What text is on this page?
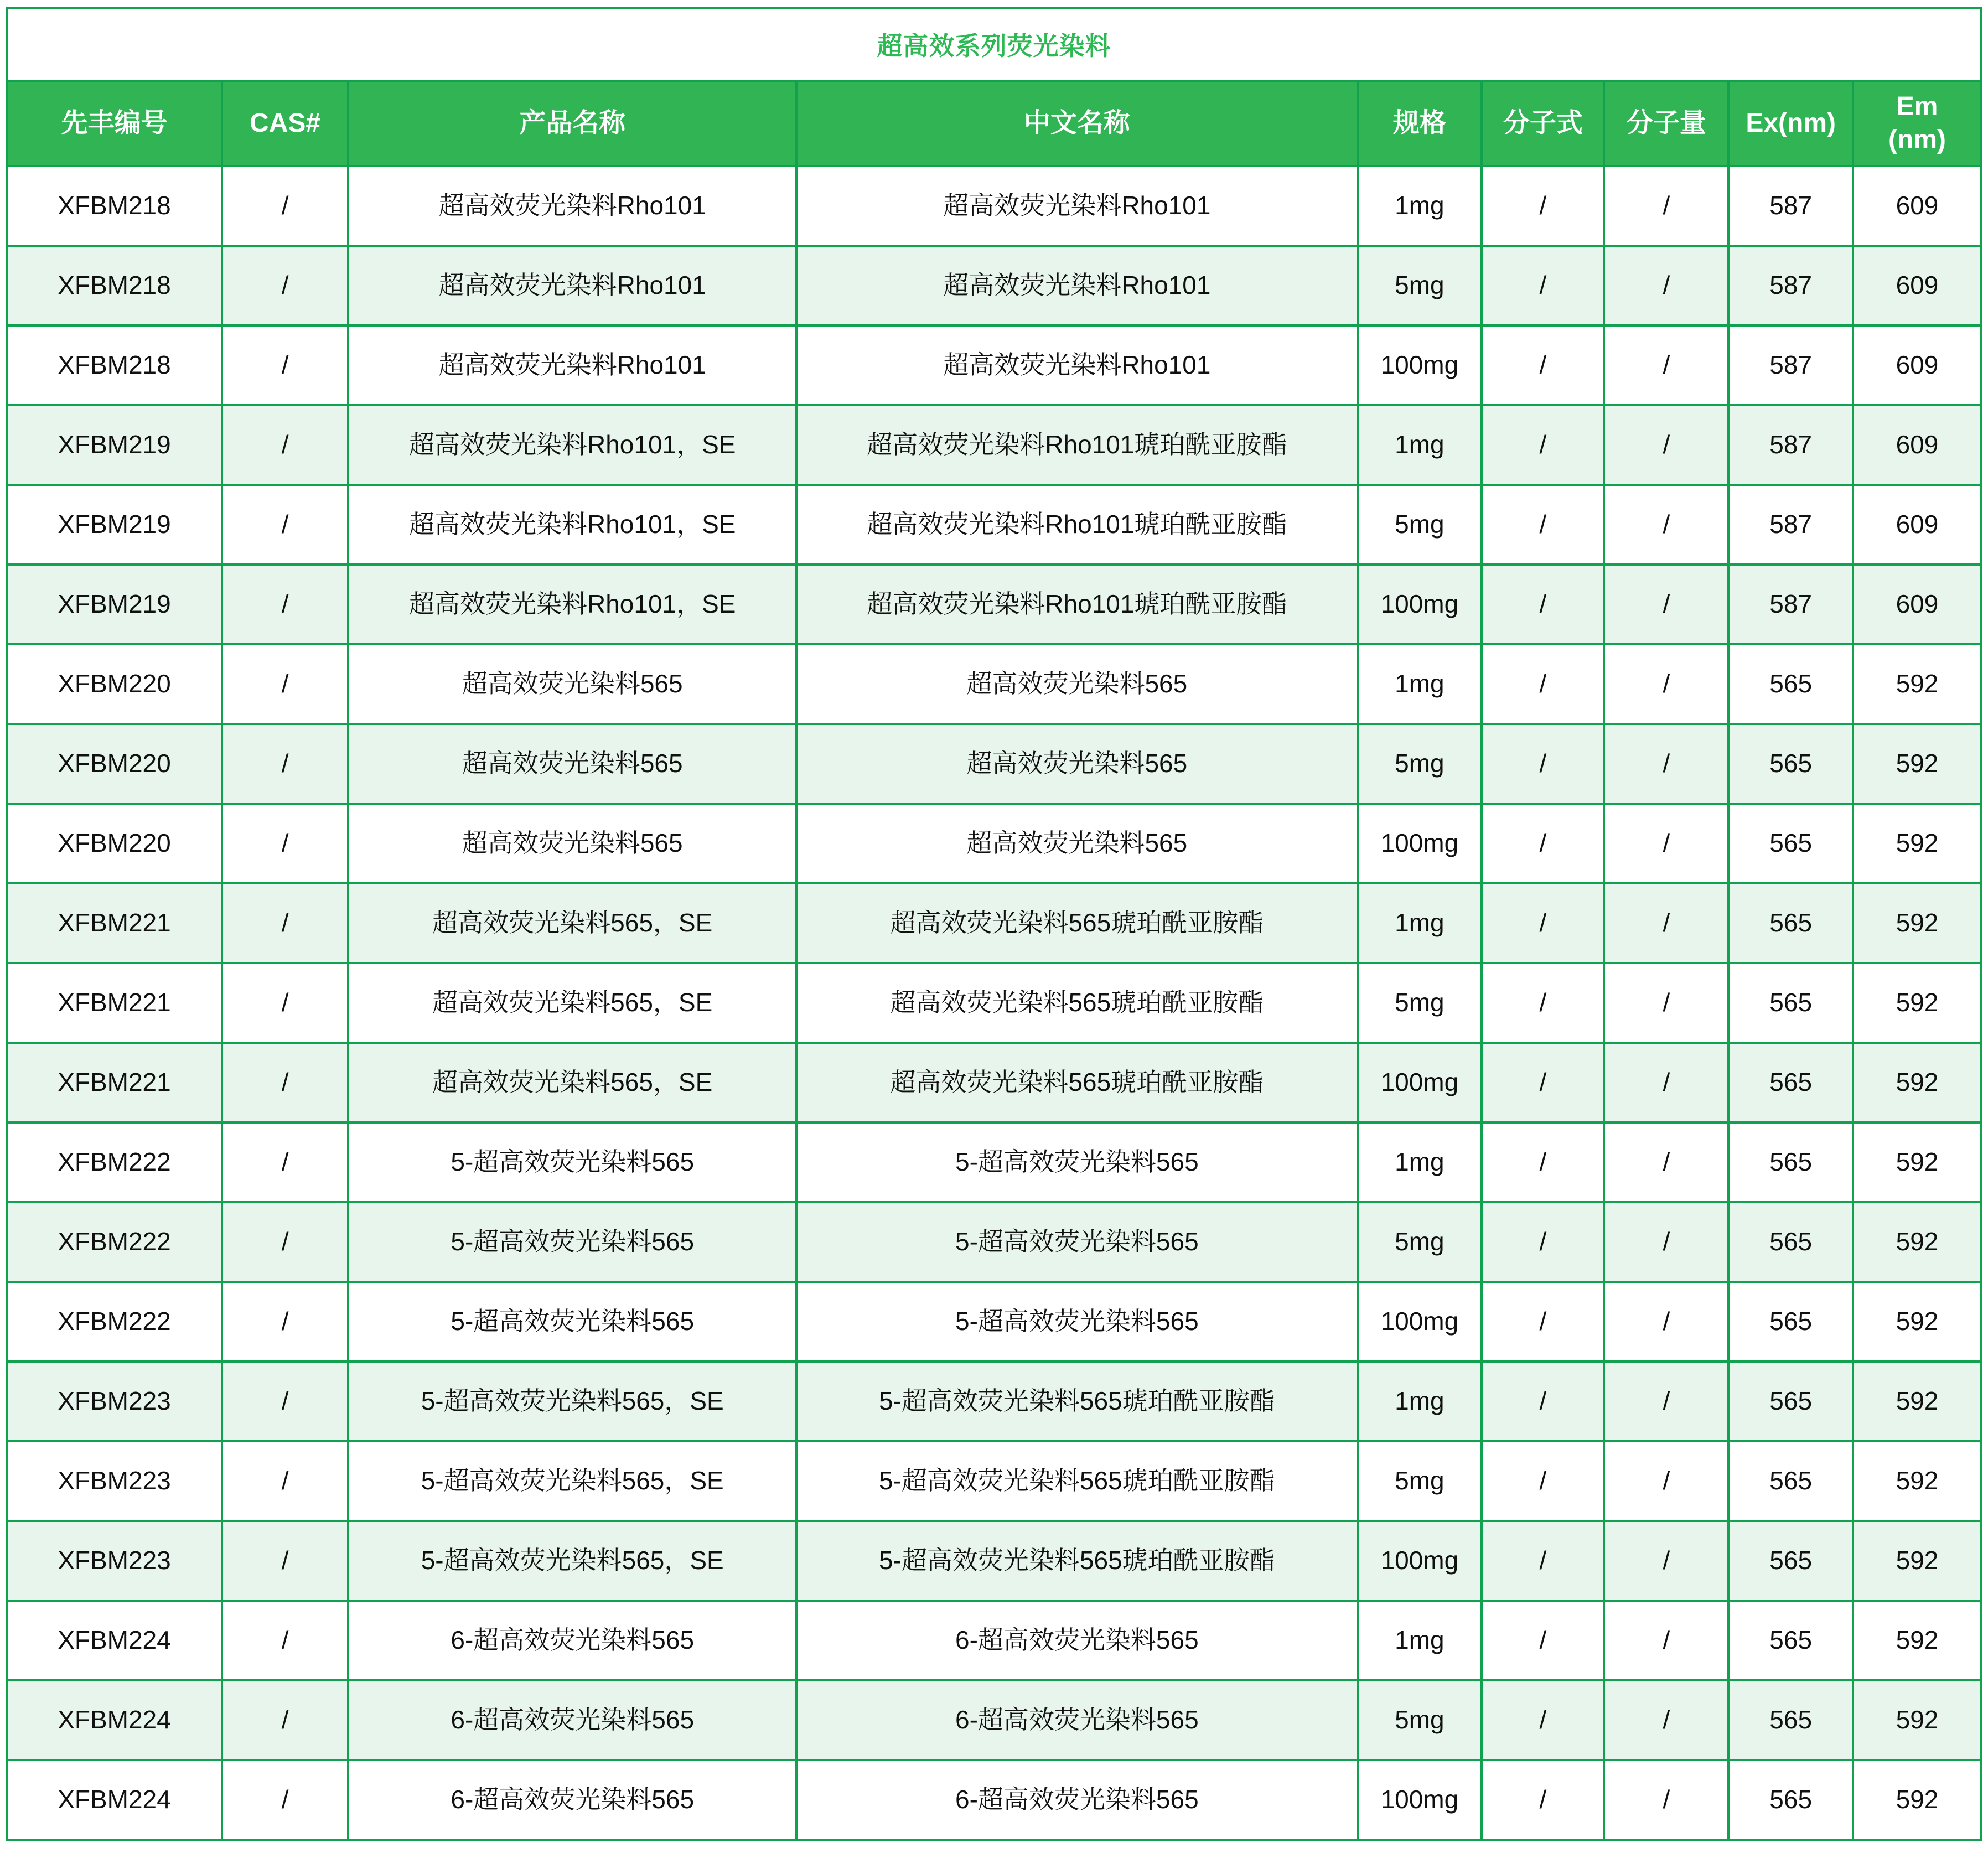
超高效系列荧光染料								

先丰编号	CAS#	产品名称	中文名称	规格	分子式	分子量	Ex(nm)	Em
(nm)

XFBM218	/	超高效荧光染料Rho101	超高效荧光染料Rho101	1mg	/	/	587	609
XFBM218	/	超高效荧光染料Rho101	超高效荧光染料Rho101	5mg	/	/	587	609
XFBM218	/	超高效荧光染料Rho101	超高效荧光染料Rho101	100mg	/	/	587	609
XFBM219	/	超高效荧光染料Rho101，SE	超高效荧光染料Rho101琥珀酰亚胺酯	1mg	/	/	587	609
XFBM219	/	超高效荧光染料Rho101，SE	超高效荧光染料Rho101琥珀酰亚胺酯	5mg	/	/	587	609
XFBM219	/	超高效荧光染料Rho101，SE	超高效荧光染料Rho101琥珀酰亚胺酯	100mg	/	/	587	609
XFBM220	/	超高效荧光染料565	超高效荧光染料565	1mg	/	/	565	592
XFBM220	/	超高效荧光染料565	超高效荧光染料565	5mg	/	/	565	592
XFBM220	/	超高效荧光染料565	超高效荧光染料565	100mg	/	/	565	592
XFBM221	/	超高效荧光染料565，SE	超高效荧光染料565琥珀酰亚胺酯	1mg	/	/	565	592
XFBM221	/	超高效荧光染料565，SE	超高效荧光染料565琥珀酰亚胺酯	5mg	/	/	565	592
XFBM221	/	超高效荧光染料565，SE	超高效荧光染料565琥珀酰亚胺酯	100mg	/	/	565	592
XFBM222	/	5-超高效荧光染料565	5-超高效荧光染料565	1mg	/	/	565	592
XFBM222	/	5-超高效荧光染料565	5-超高效荧光染料565	5mg	/	/	565	592
XFBM222	/	5-超高效荧光染料565	5-超高效荧光染料565	100mg	/	/	565	592
XFBM223	/	5-超高效荧光染料565，SE	5-超高效荧光染料565琥珀酰亚胺酯	1mg	/	/	565	592
XFBM223	/	5-超高效荧光染料565，SE	5-超高效荧光染料565琥珀酰亚胺酯	5mg	/	/	565	592
XFBM223	/	5-超高效荧光染料565，SE	5-超高效荧光染料565琥珀酰亚胺酯	100mg	/	/	565	592
XFBM224	/	6-超高效荧光染料565	6-超高效荧光染料565	1mg	/	/	565	592
XFBM224	/	6-超高效荧光染料565	6-超高效荧光染料565	5mg	/	/	565	592
XFBM224	/	6-超高效荧光染料565	6-超高效荧光染料565	100mg	/	/	565	592
